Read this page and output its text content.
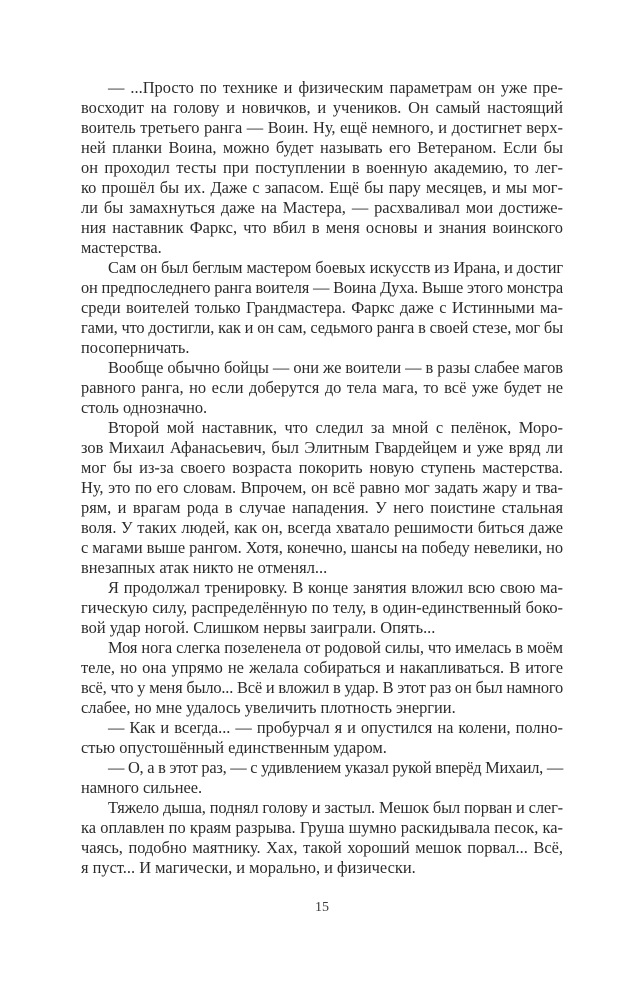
— ...Просто по технике и физическим параметрам он уже пре-
восходит на голову и новичков, и учеников. Он самый настоящий
воитель третьего ранга — Воин. Ну, ещё немного, и достигнет верх-
ней планки Воина, можно будет называть его Ветераном. Если бы
он проходил тесты при поступлении в военную академию, то лег-
ко прошёл бы их. Даже с запасом. Ещё бы пару месяцев, и мы мог-
ли бы замахнуться даже на Мастера, — расхваливал мои достиже-
ния наставник Фаркс, что вбил в меня основы и знания воинского
мастерства.
Сам он был беглым мастером боевых искусств из Ирана, и достиг
он предпоследнего ранга воителя — Воина Духа. Выше этого монстра
среди воителей только Грандмастера. Фаркс даже с Истинными ма-
гами, что достигли, как и он сам, седьмого ранга в своей стезе, мог бы
посоперничать.
Вообще обычно бойцы — они же воители — в разы слабее магов
равного ранга, но если доберутся до тела мага, то всё уже будет не
столь однозначно.
Второй мой наставник, что следил за мной с пелёнок, Моро-
зов Михаил Афанасьевич, был Элитным Гвардейцем и уже вряд ли
мог бы из-за своего возраста покорить новую ступень мастерства.
Ну, это по его словам. Впрочем, он всё равно мог задать жару и тва-
рям, и врагам рода в случае нападения. У него поистине стальная
воля. У таких людей, как он, всегда хватало решимости биться даже
с магами выше рангом. Хотя, конечно, шансы на победу невелики, но
внезапных атак никто не отменял...
Я продолжал тренировку. В конце занятия вложил всю свою ма-
гическую силу, распределённую по телу, в один-единственный боко-
вой удар ногой. Слишком нервы заиграли. Опять...
Моя нога слегка позеленела от родовой силы, что имелась в моём
теле, но она упрямо не желала собираться и накапливаться. В итоге
всё, что у меня было... Всё и вложил в удар. В этот раз он был намного
слабее, но мне удалось увеличить плотность энергии.
— Как и всегда... — пробурчал я и опустился на колени, полно-
стью опустошённый единственным ударом.
— О, а в этот раз, — с удивлением указал рукой вперёд Михаил, —
намного сильнее.
Тяжело дыша, поднял голову и застыл. Мешок был порван и слег-
ка оплавлен по краям разрыва. Груша шумно раскидывала песок, ка-
чаясь, подобно маятнику. Хах, такой хороший мешок порвал... Всё,
я пуст... И магически, и морально, и физически.
15
